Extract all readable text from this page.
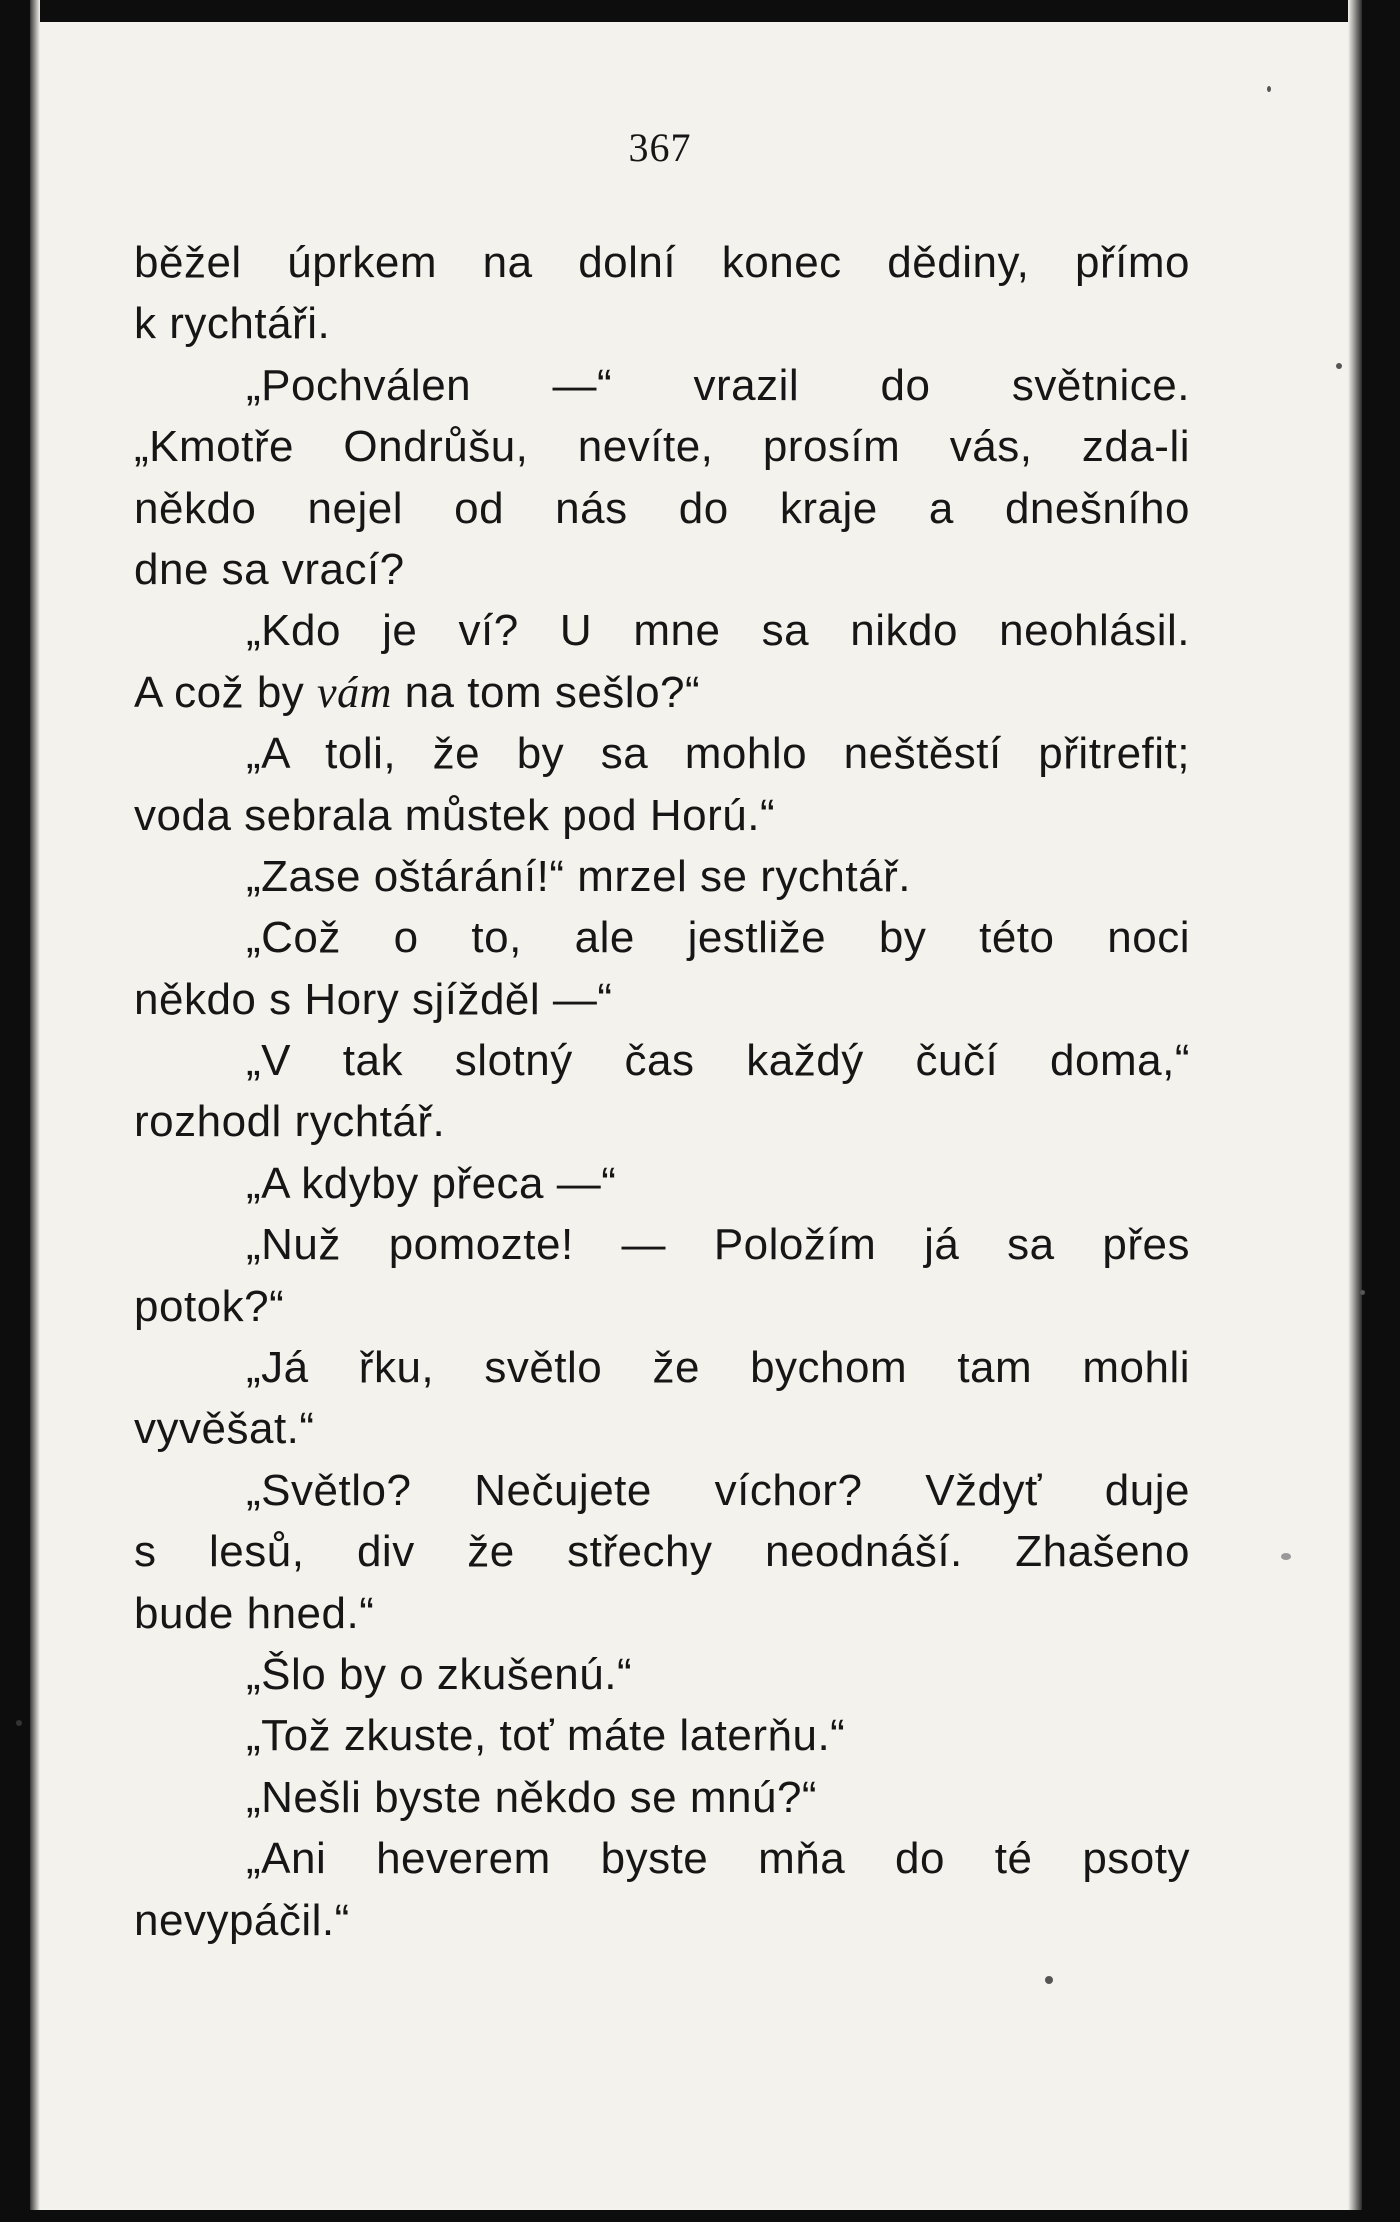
367
běžel úprkem na dolní konec dědiny, přímo
k rychtáři.
„Pochválen —“ vrazil do světnice.
„Kmotře Ondrůšu, nevíte, prosím vás, zda-li
někdo nejel od nás do kraje a dnešního
dne sa vrací?
„Kdo je ví? U mne sa nikdo neohlásil.
A což by vám na tom sešlo?“
„A toli, že by sa mohlo neštěstí přitrefit;
voda sebrala můstek pod Horú.“
„Zase oštárání!“ mrzel se rychtář.
„Což o to, ale jestliže by této noci
někdo s Hory sjížděl —“
„V tak slotný čas každý čučí doma,“
rozhodl rychtář.
„A kdyby přeca —“
„Nuž pomozte! — Položím já sa přes
potok?“
„Já řku, světlo že bychom tam mohli
vyvěšat.“
„Světlo? Nečujete víchor? Vždyť duje
s lesů, div že střechy neodnáší. Zhašeno
bude hned.“
„Šlo by o zkušenú.“
„Tož zkuste, toť máte laterňu.“
„Nešli byste někdo se mnú?“
„Ani heverem byste mňa do té psoty
nevypáčil.“
